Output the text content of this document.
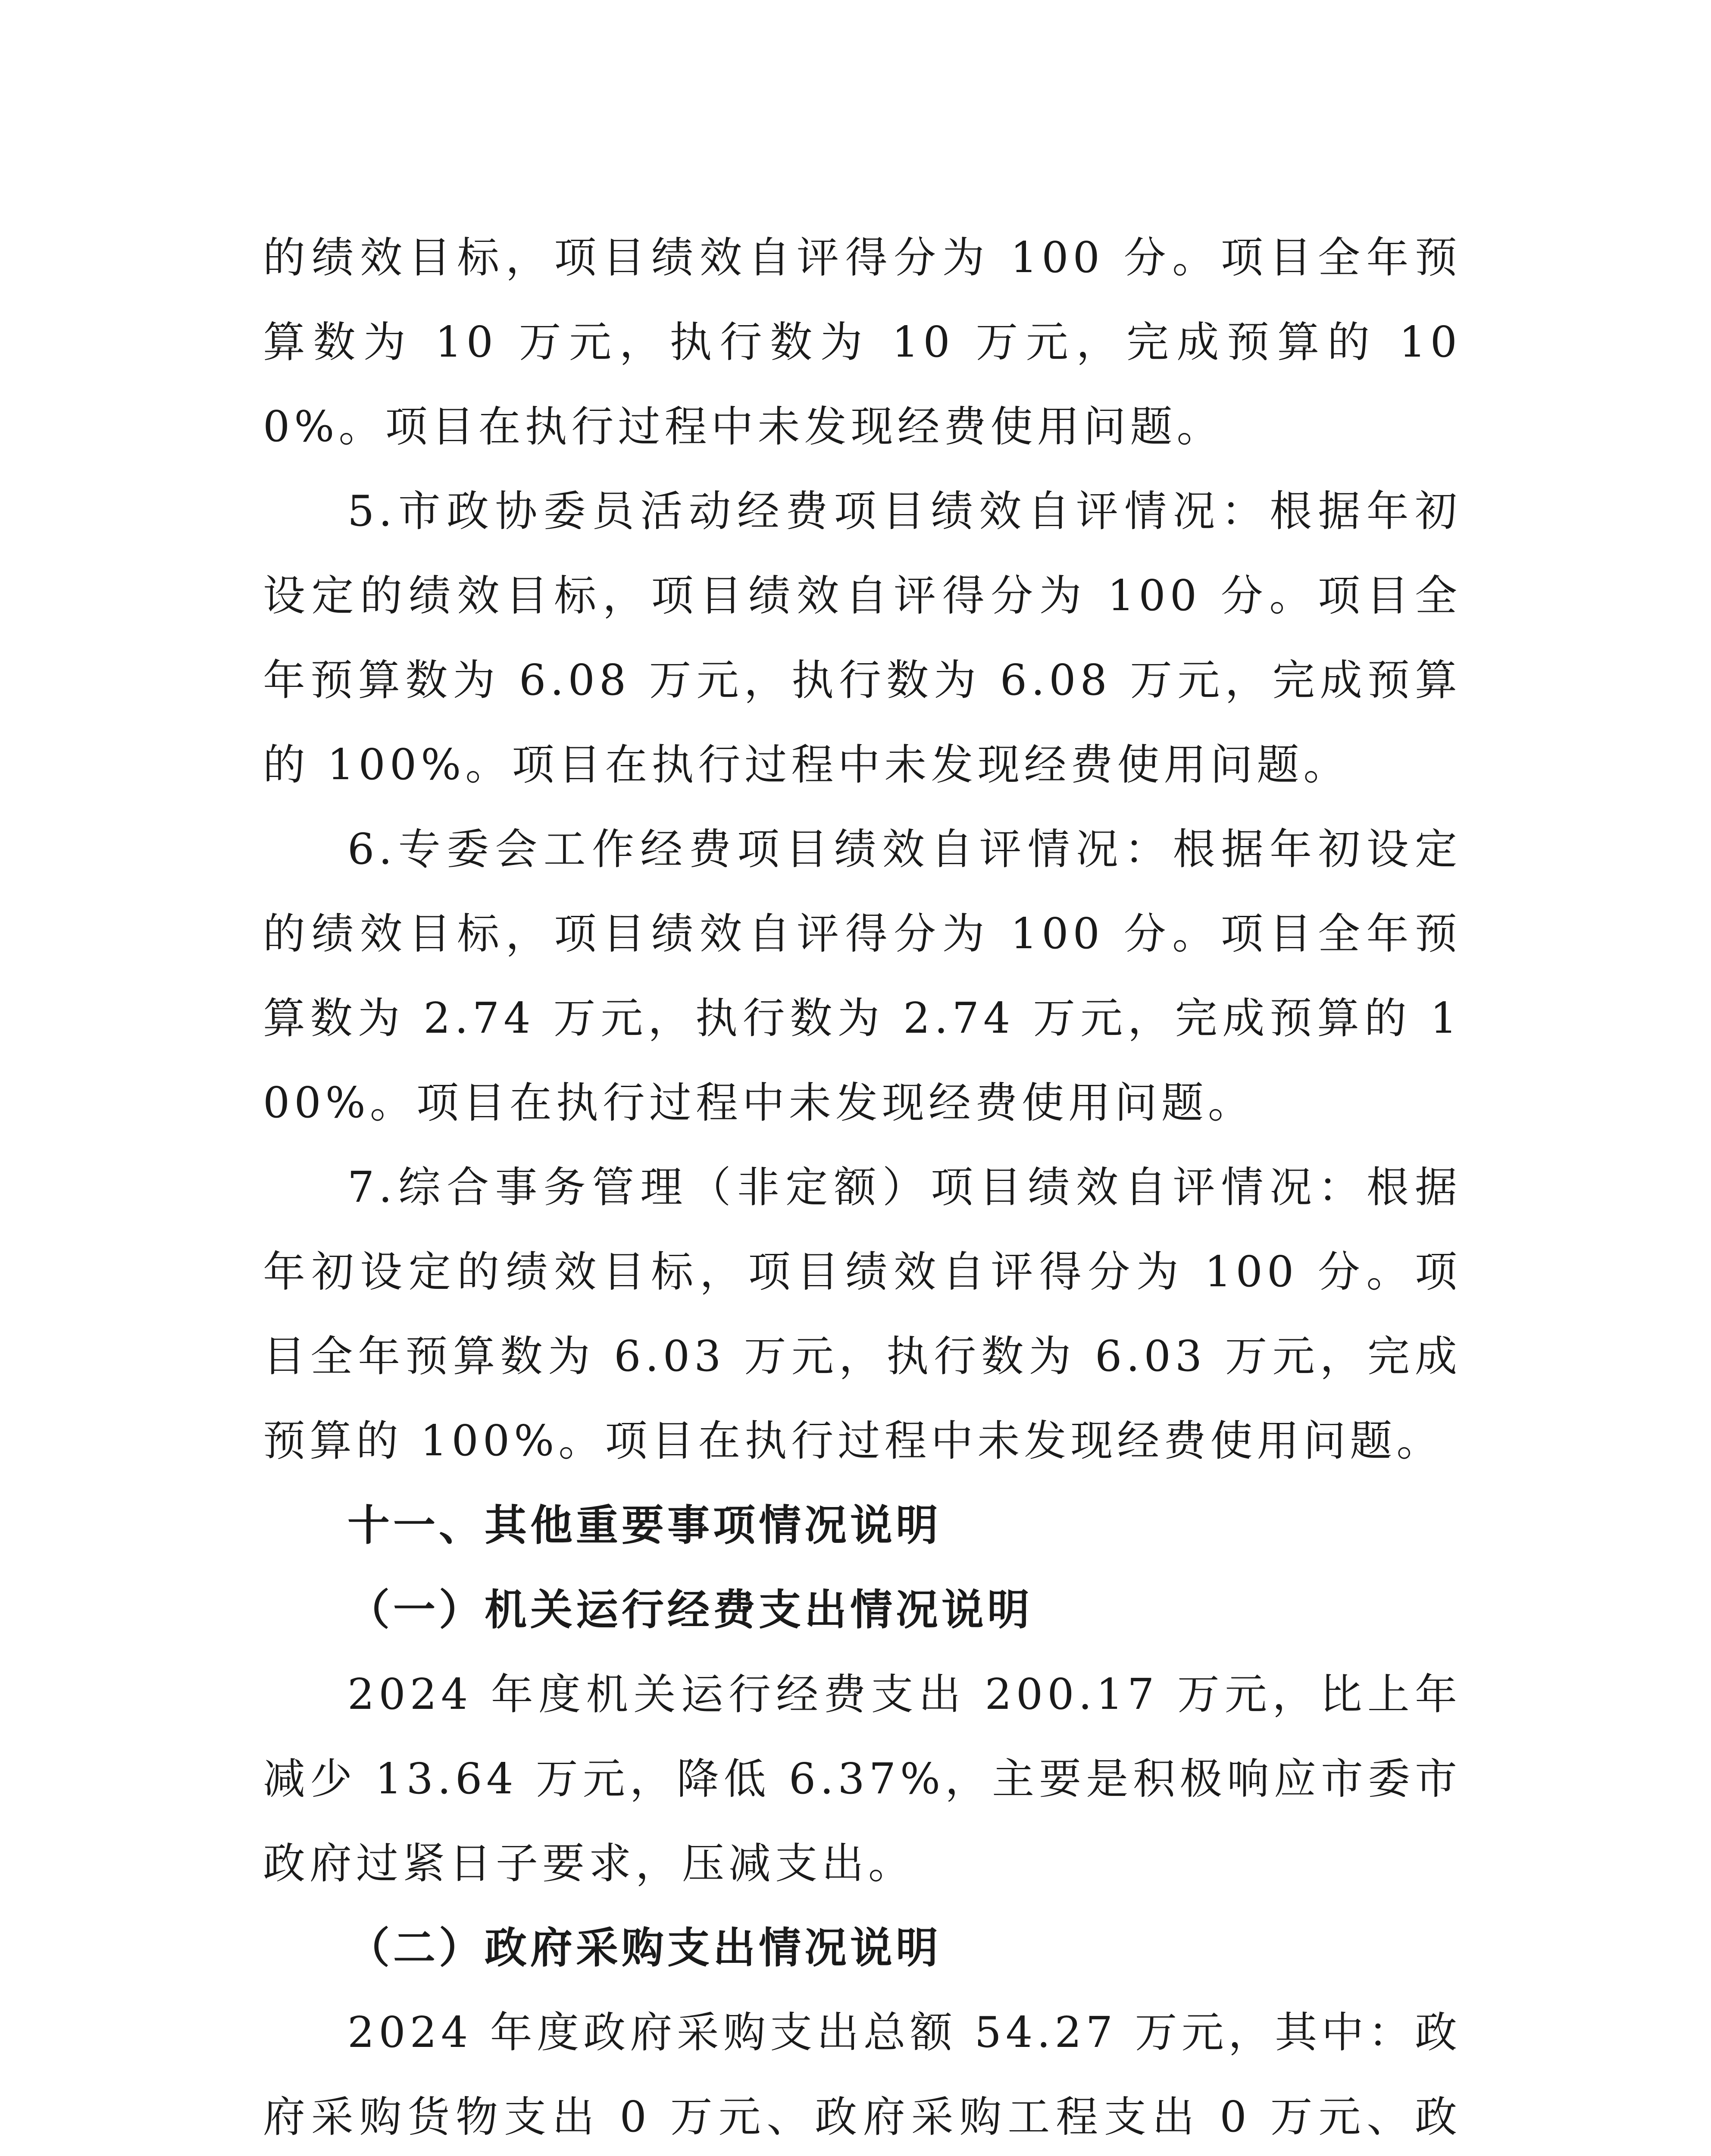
的绩效目标，项目绩效自评得分为 100 分。项目全年预算数为 10 万元，执行数为 10 万元，完成预算的 100%。项目在执行过程中未发现经费使用问题。

5.市政协委员活动经费项目绩效自评情况：根据年初设定的绩效目标，项目绩效自评得分为 100 分。项目全年预算数为 6.08 万元，执行数为 6.08 万元，完成预算的 100%。项目在执行过程中未发现经费使用问题。

6.专委会工作经费项目绩效自评情况：根据年初设定的绩效目标，项目绩效自评得分为 100 分。项目全年预算数为 2.74 万元，执行数为 2.74 万元，完成预算的 100%。项目在执行过程中未发现经费使用问题。

7.综合事务管理（非定额）项目绩效自评情况：根据年初设定的绩效目标，项目绩效自评得分为 100 分。项目全年预算数为 6.03 万元，执行数为 6.03 万元，完成预算的 100%。项目在执行过程中未发现经费使用问题。

十一、其他重要事项情况说明

（一）机关运行经费支出情况说明

2024 年度机关运行经费支出 200.17 万元，比上年减少 13.64 万元，降低 6.37%，主要是积极响应市委市政府过紧日子要求，压减支出。

（二）政府采购支出情况说明

2024 年度政府采购支出总额 54.27 万元，其中：政府采购货物支出 0 万元、政府采购工程支出 0 万元、政
